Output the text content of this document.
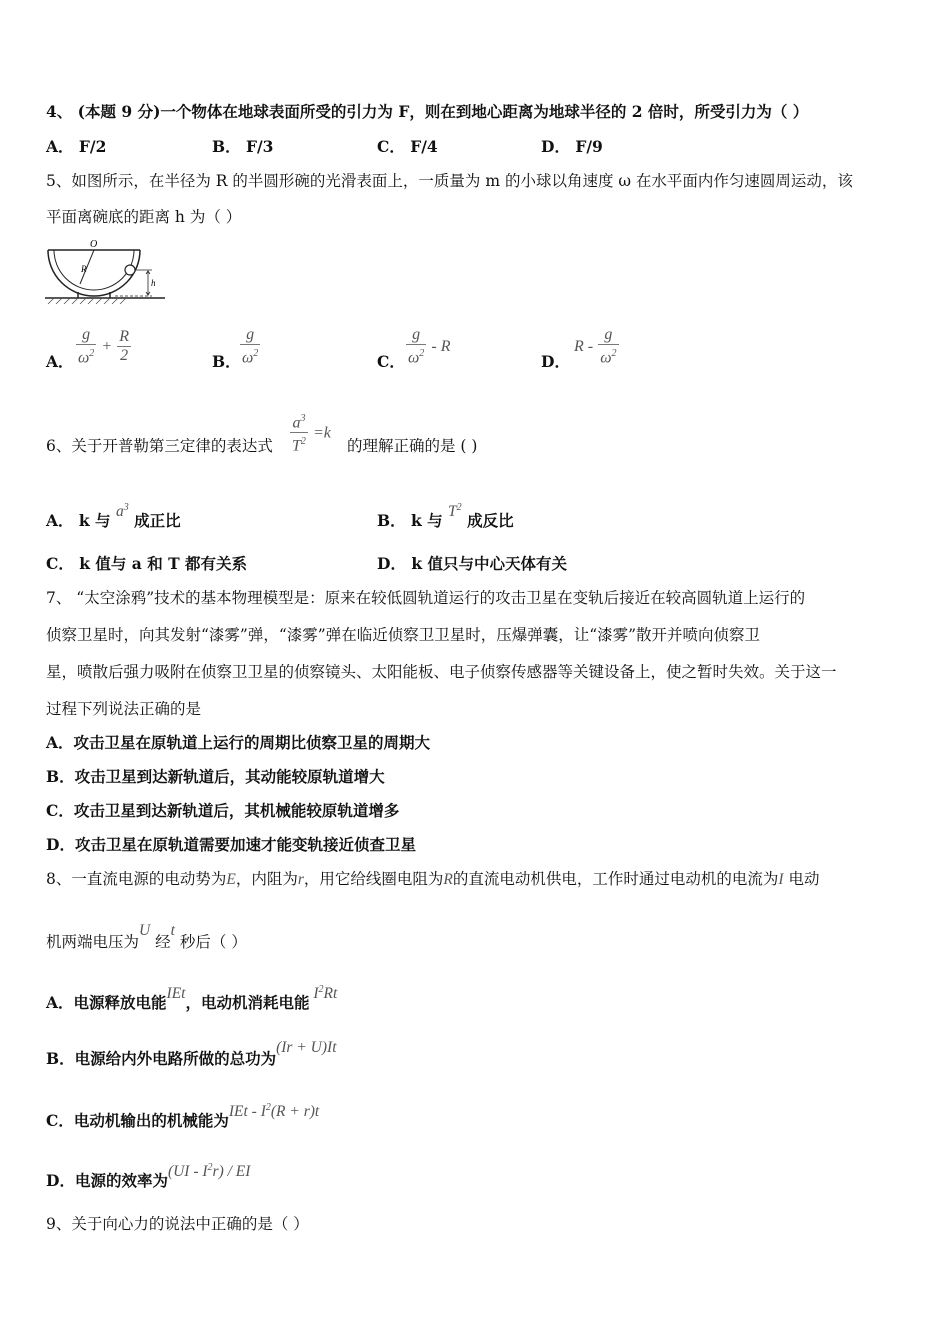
4、 (本题 9 分)一个物体在地球表面所受的引力为 F，则在到地心距离为地球半径的 2 倍时，所受引力为（ ）
A． F/2	B． F/3	C． F/4	D． F/9
5、如图所示，在半径为 R 的半圆形碗的光滑表面上，一质量为 m 的小球以角速度 ω 在水平面内作匀速圆周运动，该
平面离碗底的距离 h 为（ ）
O
R
h
A． $\frac{g}{\omega^2} + \frac{R}{2}$	B． $\frac{g}{\omega^2}$	C． $\frac{g}{\omega^2}$ - R
D．
R - $\frac{g}{\omega^2}$
6、关于开普勒第三定律的表达式 $\frac{a^3}{T^2} =k$
的理解正确的是 ( )
A． k 与 $a^3$ 成正比	B． k 与 $T^2$ 成反比
C． k 值与 a 和 T 都有关系	D． k 值只与中心天体有关
7、 “太空涂鸦”技术的基本物理模型是：原来在较低圆轨道运行的攻击卫星在变轨后接近在较高圆轨道上运行的
侦察卫星时，向其发射“漆雾”弹，“漆雾”弹在临近侦察卫卫星时，压爆弹囊，让“漆雾”散开并喷向侦察卫
星，喷散后强力吸附在侦察卫卫星的侦察镜头、太阳能板、电子侦察传感器等关键设备上，使之暂时失效。关于这一
过程下列说法正确的是
A．攻击卫星在原轨道上运行的周期比侦察卫星的周期大
B．攻击卫星到达新轨道后，其动能较原轨道增大
C．攻击卫星到达新轨道后，其机械能较原轨道增多
D．攻击卫星在原轨道需要加速才能变轨接近侦查卫星
8、一直流电源的电动势为E，内阻为r，用它给线圈电阻为R的直流电动机供电，工作时通过电动机的电流为I 电动
机两端电压为U 经t 秒后（ ）
A．电源释放电能IEt，电动机消耗电能 $I^2Rt$
B．电源给内外电路所做的总功为(Ir + U)It
C．电动机输出的机械能为IEt - $I^2(R + r)t$
D．电源的效率为$(UI - I^2r)$ / EI
9、关于向心力的说法中正确的是（ ）
